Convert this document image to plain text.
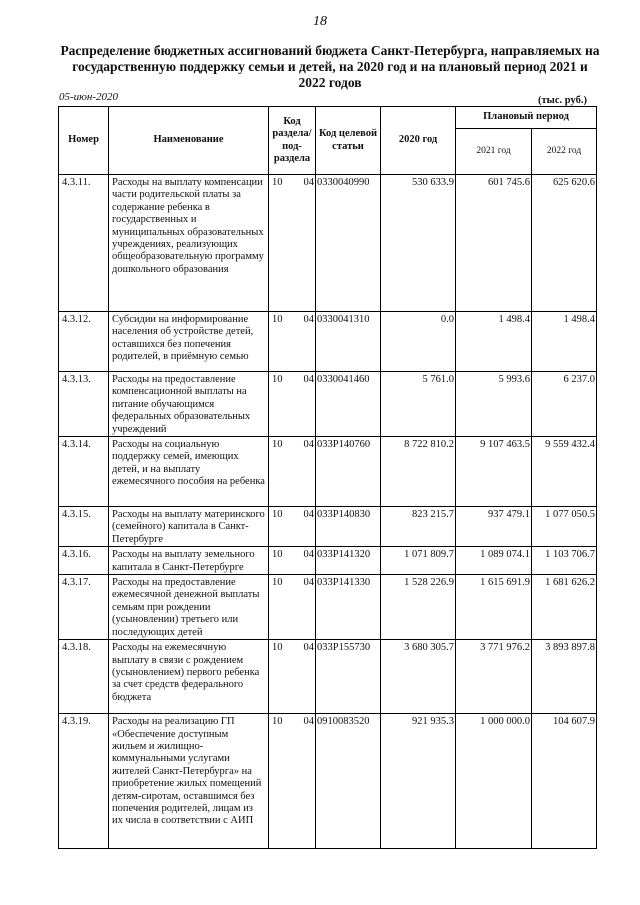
18
Распределение бюджетных ассигнований бюджета Санкт-Петербурга, направляемых на государственную поддержку семьи и детей, на 2020 год и на плановый период 2021 и 2022 годов
05-июн-2020	(тыс. руб.)
Номер	Наименование	Код раздела/ под-раздела		Код целевой статьи	2020 год	Плановый период	
						2021 год	2022 год
4.3.11.	Расходы на выплату компенсации части родительской платы за содержание ребенка в государственных и муниципальных образовательных учреждениях, реализующих общеобразовательную программу дошкольного образования	10	04	0330040990	530 633.9	601 745.6	625 620.6
4.3.12.	Субсидии на информирование населения об устройстве детей, оставшихся без попечения родителей, в приёмную семью	10	04	0330041310	0.0	1 498.4	1 498.4
4.3.13.	Расходы на предоставление компенсационной выплаты на питание обучающимся федеральных образовательных учреждений	10	04	0330041460	5 761.0	5 993.6	6 237.0
4.3.14.	Расходы на социальную поддержку семей, имеющих детей, и на выплату ежемесячного пособия на ребенка	10	04	033P140760	8 722 810.2	9 107 463.5	9 559 432.4
4.3.15.	Расходы на выплату материнского (семейного) капитала в Санкт-Петербурге	10	04	033P140830	823 215.7	937 479.1	1 077 050.5
4.3.16.	Расходы на выплату земельного капитала в Санкт-Петербурге	10	04	033P141320	1 071 809.7	1 089 074.1	1 103 706.7
4.3.17.	Расходы на предоставление ежемесячной денежной выплаты семьям при рождении (усыновлении) третьего или последующих детей	10	04	033P141330	1 528 226.9	1 615 691.9	1 681 626.2
4.3.18.	Расходы на ежемесячную выплату в связи с рождением (усыновлением) первого ребенка за счет средств федерального бюджета	10	04	033P155730	3 680 305.7	3 771 976.2	3 893 897.8
4.3.19.	Расходы на реализацию ГП «Обеспечение доступным жильем и жилищно-коммунальными услугами жителей Санкт-Петербурга» на приобретение жилых помещений детям-сиротам, оставшимся без попечения родителей, лицам из их числа в соответствии с АИП	10	04	0910083520	921 935.3	1 000 000.0	104 607.9
